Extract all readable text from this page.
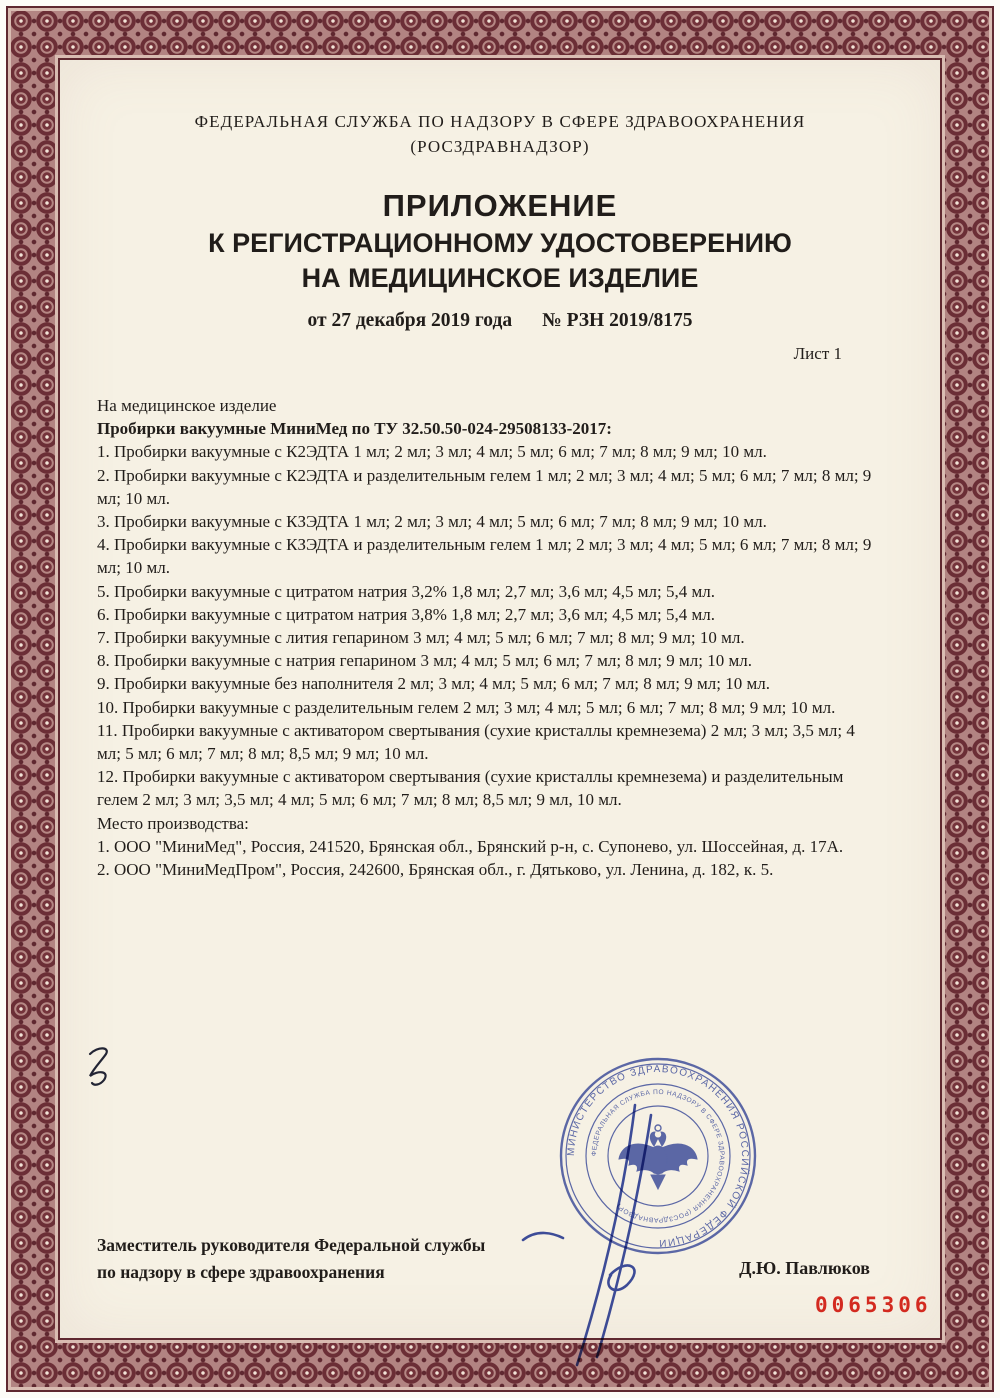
ФЕДЕРАЛЬНАЯ СЛУЖБА ПО НАДЗОРУ В СФЕРЕ ЗДРАВООХРАНЕНИЯ
(РОСЗДРАВНАДЗОР)
ПРИЛОЖЕНИЕ
К РЕГИСТРАЦИОННОМУ УДОСТОВЕРЕНИЮ
НА МЕДИЦИНСКОЕ ИЗДЕЛИЕ
от 27 декабря 2019 года № РЗН 2019/8175
Лист 1

На медицинское изделие

Пробирки вакуумные МиниМед по ТУ 32.50.50-024-29508133-2017:

1. Пробирки вакуумные с К2ЭДТА 1 мл; 2 мл; 3 мл; 4 мл; 5 мл; 6 мл; 7 мл; 8 мл; 9 мл; 10 мл.

2. Пробирки вакуумные с К2ЭДТА и разделительным гелем 1 мл; 2 мл; 3 мл; 4 мл; 5 мл; 6 мл; 7 мл; 8 мл; 9 мл; 10 мл.

3. Пробирки вакуумные с КЗЭДТА 1 мл; 2 мл; 3 мл; 4 мл; 5 мл; 6 мл; 7 мл; 8 мл; 9 мл; 10 мл.

4. Пробирки вакуумные с КЗЭДТА и разделительным гелем 1 мл; 2 мл; 3 мл; 4 мл; 5 мл; 6 мл; 7 мл; 8 мл; 9 мл; 10 мл.

5. Пробирки вакуумные с цитратом натрия 3,2% 1,8 мл; 2,7 мл; 3,6 мл; 4,5 мл; 5,4 мл.

6. Пробирки вакуумные с цитратом натрия 3,8% 1,8 мл; 2,7 мл; 3,6 мл; 4,5 мл; 5,4 мл.

7. Пробирки вакуумные с лития гепарином 3 мл; 4 мл; 5 мл; 6 мл; 7 мл; 8 мл; 9 мл; 10 мл.

8. Пробирки вакуумные с натрия гепарином 3 мл; 4 мл; 5 мл; 6 мл; 7 мл; 8 мл; 9 мл; 10 мл.

9. Пробирки вакуумные без наполнителя 2 мл; 3 мл; 4 мл; 5 мл; 6 мл; 7 мл; 8 мл; 9 мл; 10 мл.

10. Пробирки вакуумные с разделительным гелем 2 мл; 3 мл; 4 мл; 5 мл; 6 мл; 7 мл; 8 мл; 9 мл; 10 мл.

11. Пробирки вакуумные с активатором свертывания (сухие кристаллы кремнезема) 2 мл; 3 мл; 3,5 мл; 4 мл; 5 мл; 6 мл; 7 мл; 8 мл; 8,5 мл; 9 мл; 10 мл.

12. Пробирки вакуумные с активатором свертывания (сухие кристаллы кремнезема) и разделительным гелем 2 мл; 3 мл; 3,5 мл; 4 мл; 5 мл; 6 мл; 7 мл; 8 мл; 8,5 мл; 9 мл, 10 мл.

Место производства:

1. ООО "МиниМед", Россия, 241520, Брянская обл., Брянский р-н, с. Супонево, ул. Шоссейная, д. 17А.

2. ООО "МиниМедПром", Россия, 242600, Брянская обл., г. Дятьково, ул. Ленина, д. 182, к. 5.

Заместитель руководителя Федеральной службы
по надзору в сфере здравоохранения	Д.Ю. Павлюков
0065306
МИНИСТЕРСТВО ЗДРАВООХРАНЕНИЯ РОССИЙСКОЙ ФЕДЕРАЦИИ
ФЕДЕРАЛЬНАЯ СЛУЖБА ПО НАДЗОРУ В СФЕРЕ ЗДРАВООХРАНЕНИЯ (РОСЗДРАВНАДЗОР)
